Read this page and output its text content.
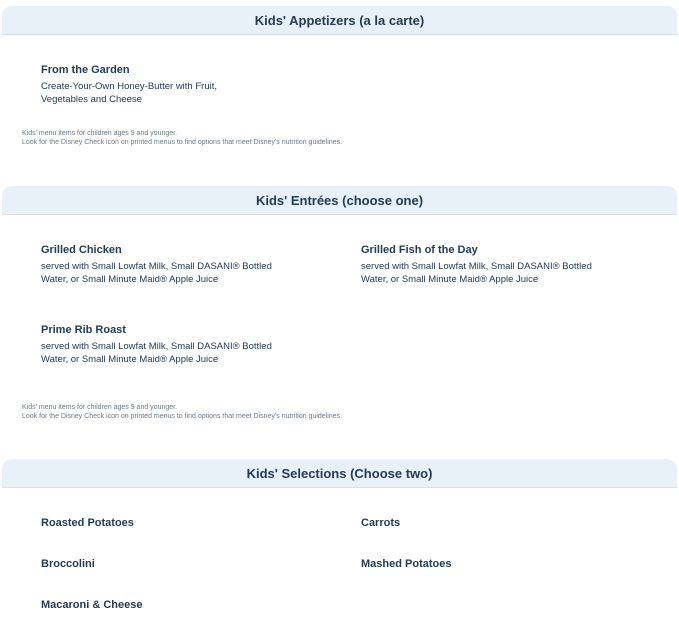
Kids' Appetizers (a la carte)
From the Garden
Create-Your-Own Honey-Butter with Fruit, Vegetables and Cheese
Kids' menu items for children ages 9 and younger.
Look for the Disney Check icon on printed menus to find options that meet Disney's nutrition guidelines.
Kids' Entrées (choose one)
Grilled Chicken
served with Small Lowfat Milk, Small DASANI® Bottled Water, or Small Minute Maid® Apple Juice
Grilled Fish of the Day
served with Small Lowfat Milk, Small DASANI® Bottled Water, or Small Minute Maid® Apple Juice
Prime Rib Roast
served with Small Lowfat Milk, Small DASANI® Bottled Water, or Small Minute Maid® Apple Juice
Kids' menu items for children ages 9 and younger.
Look for the Disney Check icon on printed menus to find options that meet Disney's nutrition guidelines.
Kids' Selections (Choose two)
Roasted Potatoes	Carrots
Broccolini	Mashed Potatoes
Macaroni & Cheese
